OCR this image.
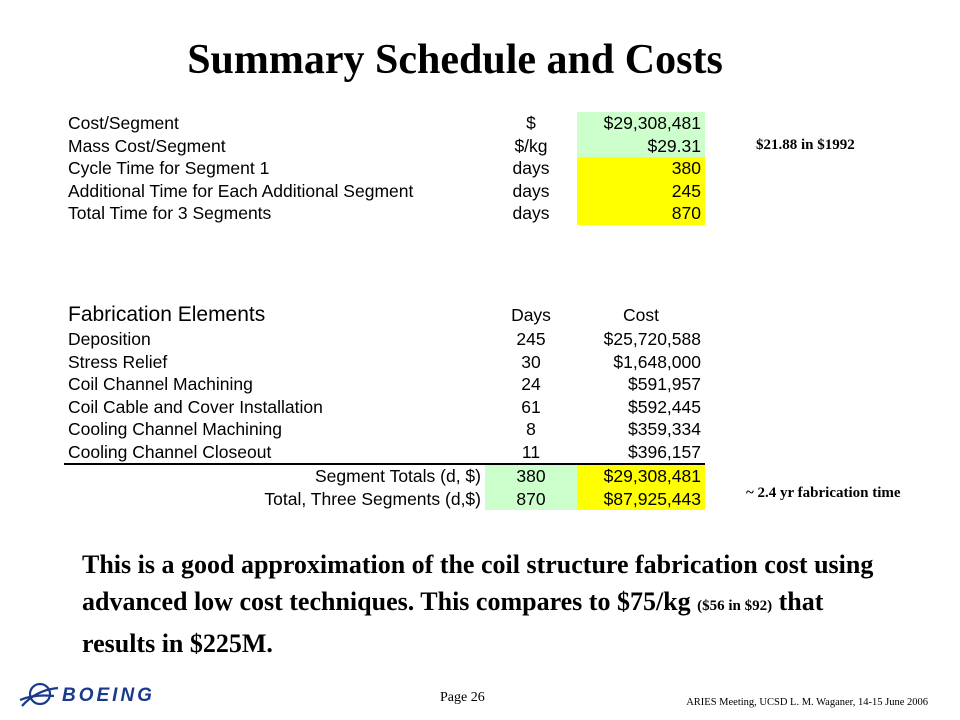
Summary Schedule and Costs
Cost/Segment	$	$29,308,481
Mass Cost/Segment	$/kg	$29.31
Cycle Time for Segment 1	days	380
Additional Time for Each Additional Segment	days	245
Total Time for 3 Segments	days	870
$21.88 in $1992
Fabrication Elements	Days	Cost
Deposition	245	$25,720,588
Stress Relief	30	$1,648,000
Coil Channel Machining	24	$591,957
Coil Cable and Cover Installation	61	$592,445
Cooling Channel Machining	8	$359,334
Cooling Channel Closeout	11	$396,157
Segment Totals (d, $)	380	$29,308,481
Total, Three Segments (d,$)	870	$87,925,443	~ 2.4 yr fabrication time

This is a good approximation of the coil structure fabrication cost using advanced low cost techniques. This compares to $75/kg ($56 in $92) that results in $225M.

BOEING	Page 26	ARIES Meeting, UCSD L. M. Waganer, 14-15 June 2006
